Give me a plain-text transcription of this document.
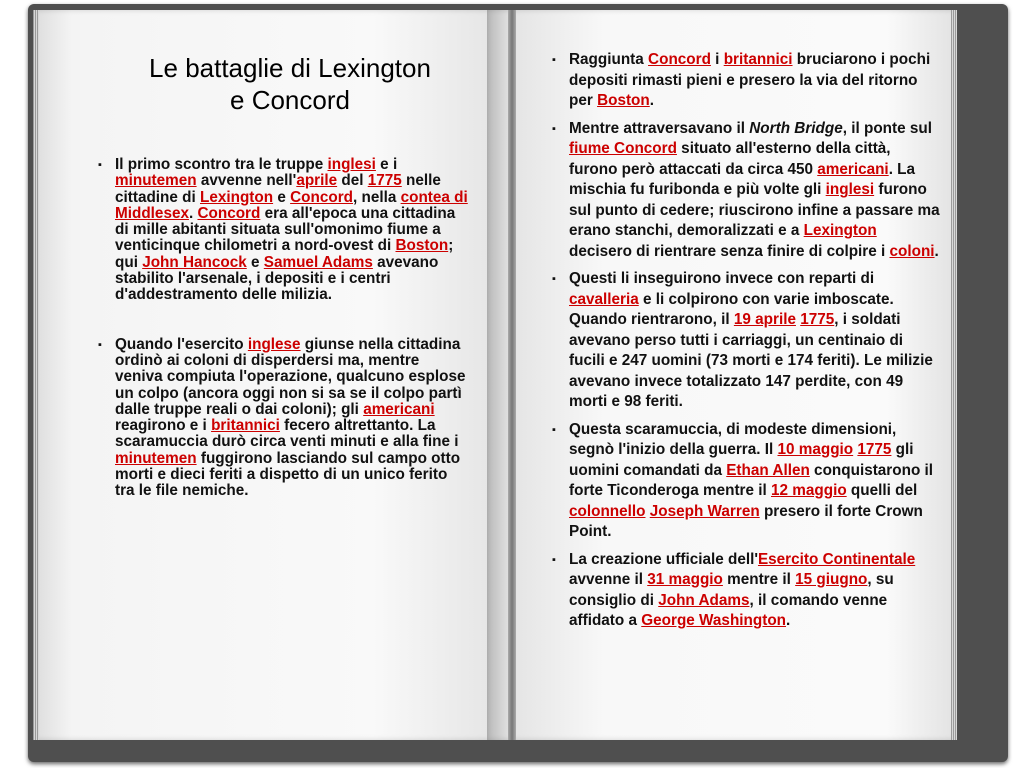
Le battaglie di Lexington
e Concord
▪ Il primo scontro tra le truppe inglesi e i minutemen avvenne nell'aprile del 1775 nelle cittadine di Lexington e Concord, nella contea di Middlesex. Concord era all'epoca una cittadina di mille abitanti situata sull'omonimo fiume a venticinque chilometri a nord-ovest di Boston; qui John Hancock e Samuel Adams avevano stabilito l'arsenale, i depositi e i centri d'addestramento delle milizia.
▪ Quando l'esercito inglese giunse nella cittadina ordinò ai coloni di disperdersi ma, mentre veniva compiuta l'operazione, qualcuno esplose un colpo (ancora oggi non si sa se il colpo partì dalle truppe reali o dai coloni); gli americani reagirono e i britannici fecero altrettanto. La scaramuccia durò circa venti minuti e alla fine i minutemen fuggirono lasciando sul campo otto morti e dieci feriti a dispetto di un unico ferito tra le file nemiche.
▪ Raggiunta Concord i britannici bruciarono i pochi depositi rimasti pieni e presero la via del ritorno per Boston.
▪ Mentre attraversavano il North Bridge, il ponte sul fiume Concord situato all'esterno della città, furono però attaccati da circa 450 americani. La mischia fu furibonda e più volte gli inglesi furono sul punto di cedere; riuscirono infine a passare ma erano stanchi, demoralizzati e a Lexington decisero di rientrare senza finire di colpire i coloni.
▪ Questi li inseguirono invece con reparti di cavalleria e li colpirono con varie imboscate. Quando rientrarono, il 19 aprile 1775, i soldati avevano perso tutti i carriaggi, un centinaio di fucili e 247 uomini (73 morti e 174 feriti). Le milizie avevano invece totalizzato 147 perdite, con 49 morti e 98 feriti.
▪ Questa scaramuccia, di modeste dimensioni, segnò l'inizio della guerra. Il 10 maggio 1775 gli uomini comandati da Ethan Allen conquistarono il forte Ticonderoga mentre il 12 maggio quelli del colonnello Joseph Warren presero il forte Crown Point.
▪ La creazione ufficiale dell'Esercito Continentale avvenne il 31 maggio mentre il 15 giugno, su consiglio di John Adams, il comando venne affidato a George Washington.
